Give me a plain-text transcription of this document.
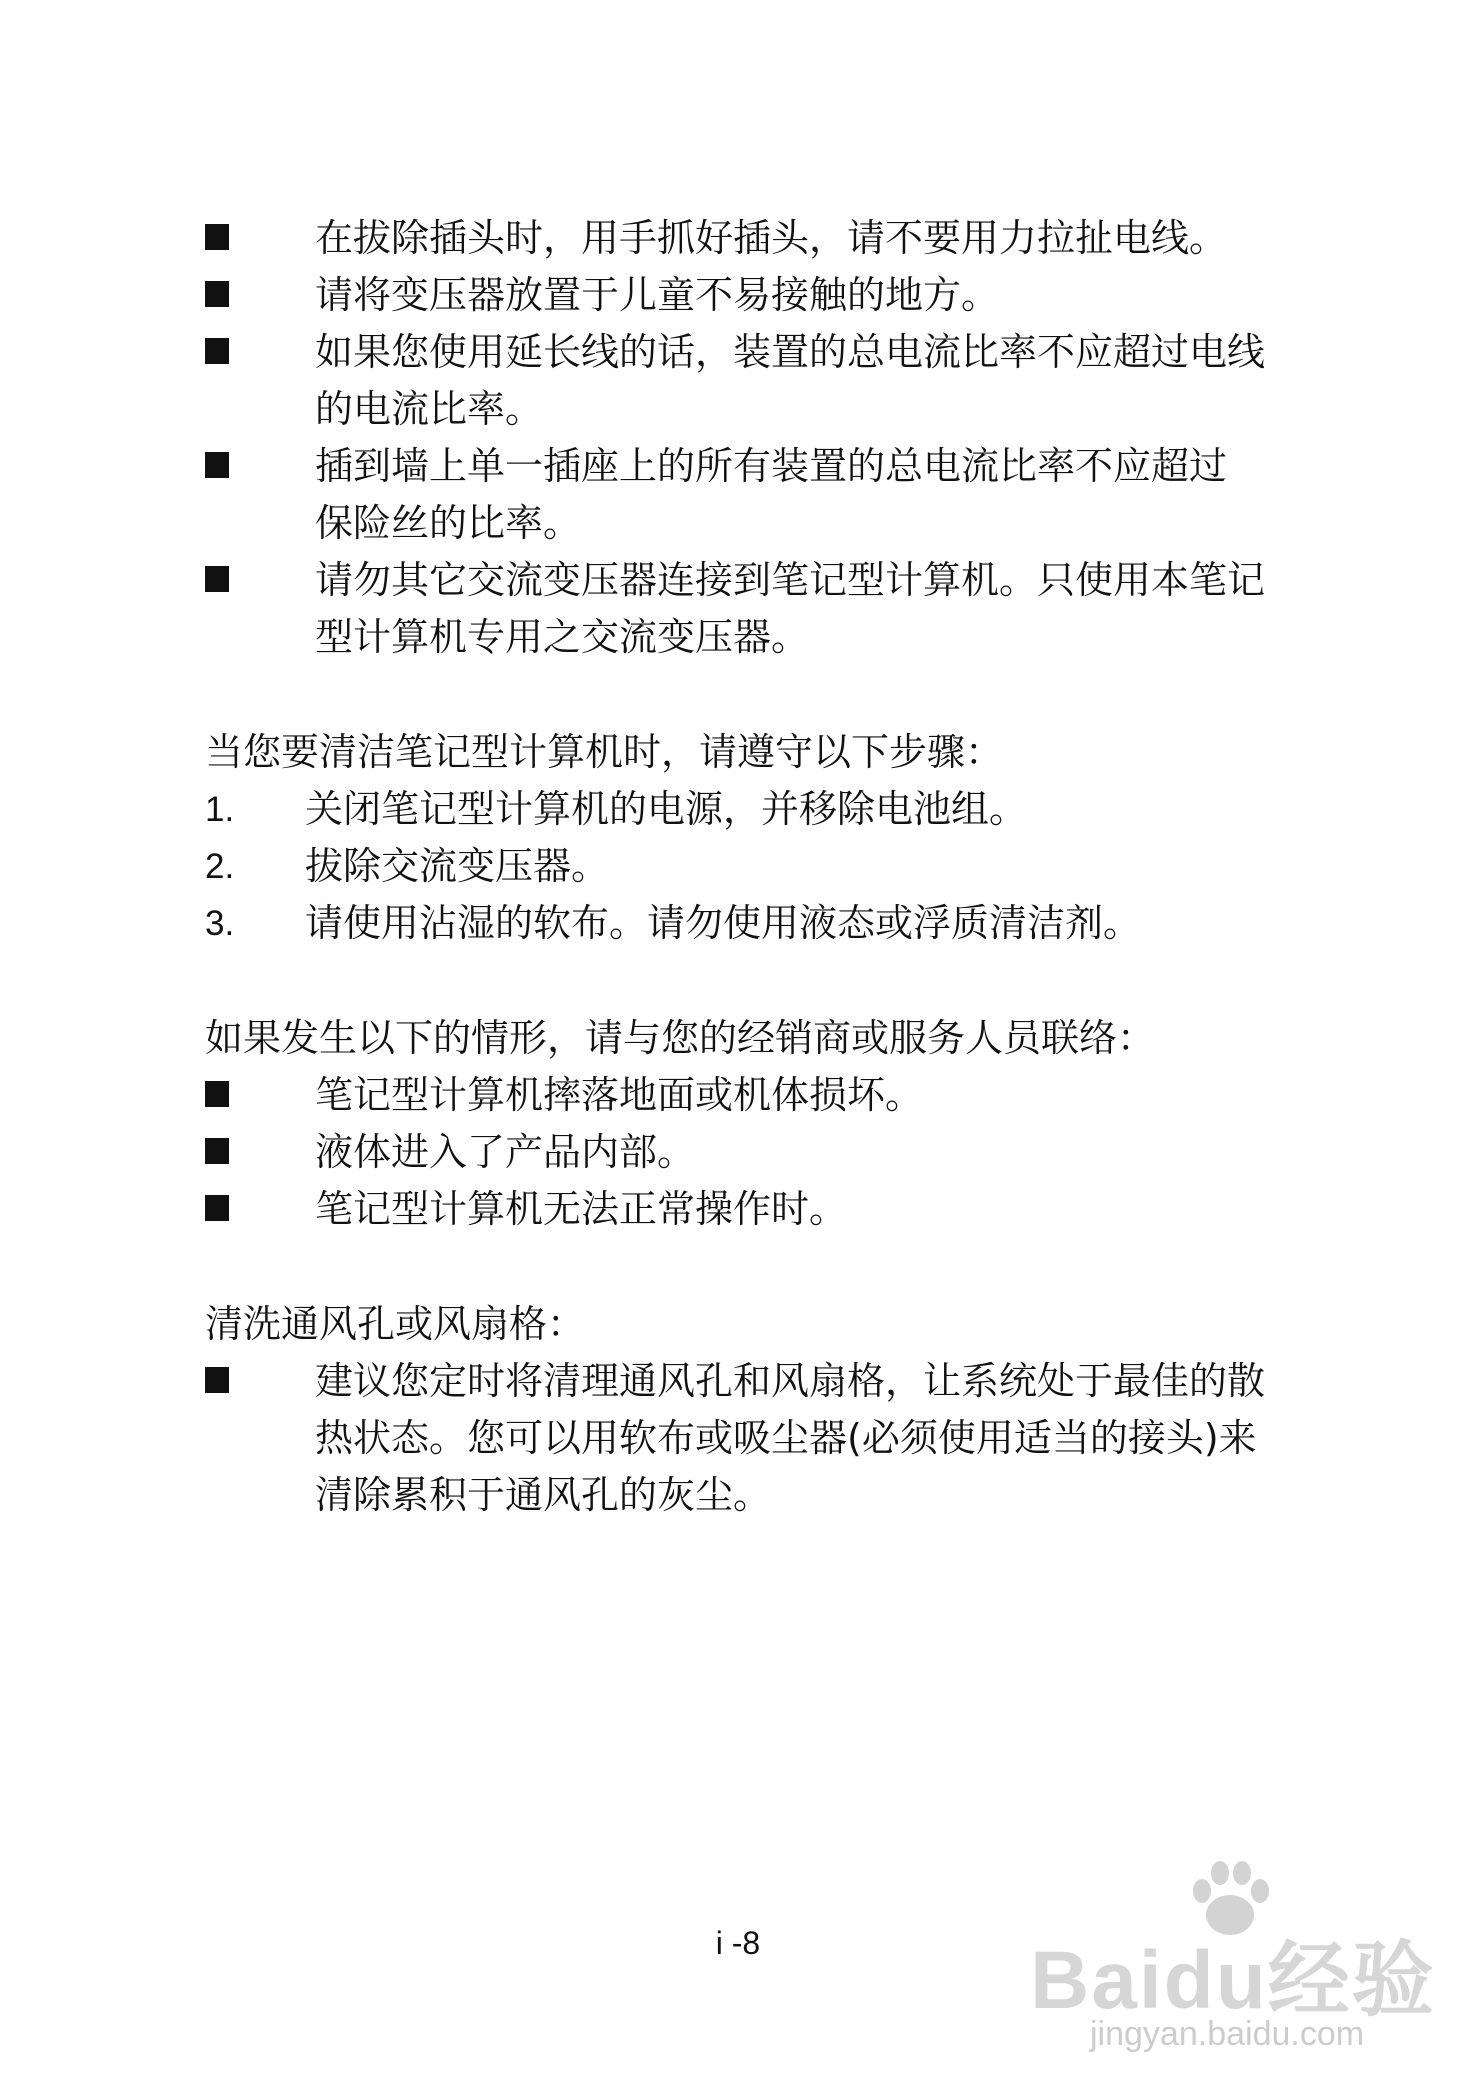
在拔除插头时，用手抓好插头，请不要用力拉扯电线。
请将变压器放置于儿童不易接触的地方。
如果您使用延长线的话，装置的总电流比率不应超过电线
的电流比率。
插到墙上单一插座上的所有装置的总电流比率不应超过
保险丝的比率。
请勿其它交流变压器连接到笔记型计算机。只使用本笔记
型计算机专用之交流变压器。
当您要清洁笔记型计算机时，请遵守以下步骤：
1. 关闭笔记型计算机的电源，并移除电池组。
2. 拔除交流变压器。
3. 请使用沾湿的软布。请勿使用液态或浮质清洁剂。
如果发生以下的情形，请与您的经销商或服务人员联络：
笔记型计算机摔落地面或机体损坏。
液体进入了产品内部。
笔记型计算机无法正常操作时。
清洗通风孔或风扇格：
建议您定时将清理通风孔和风扇格，让系统处于最佳的散
热状态。您可以用软布或吸尘器(必须使用适当的接头)来
清除累积于通风孔的灰尘。
i -8	Baidu经验
jingyan.baidu.com
